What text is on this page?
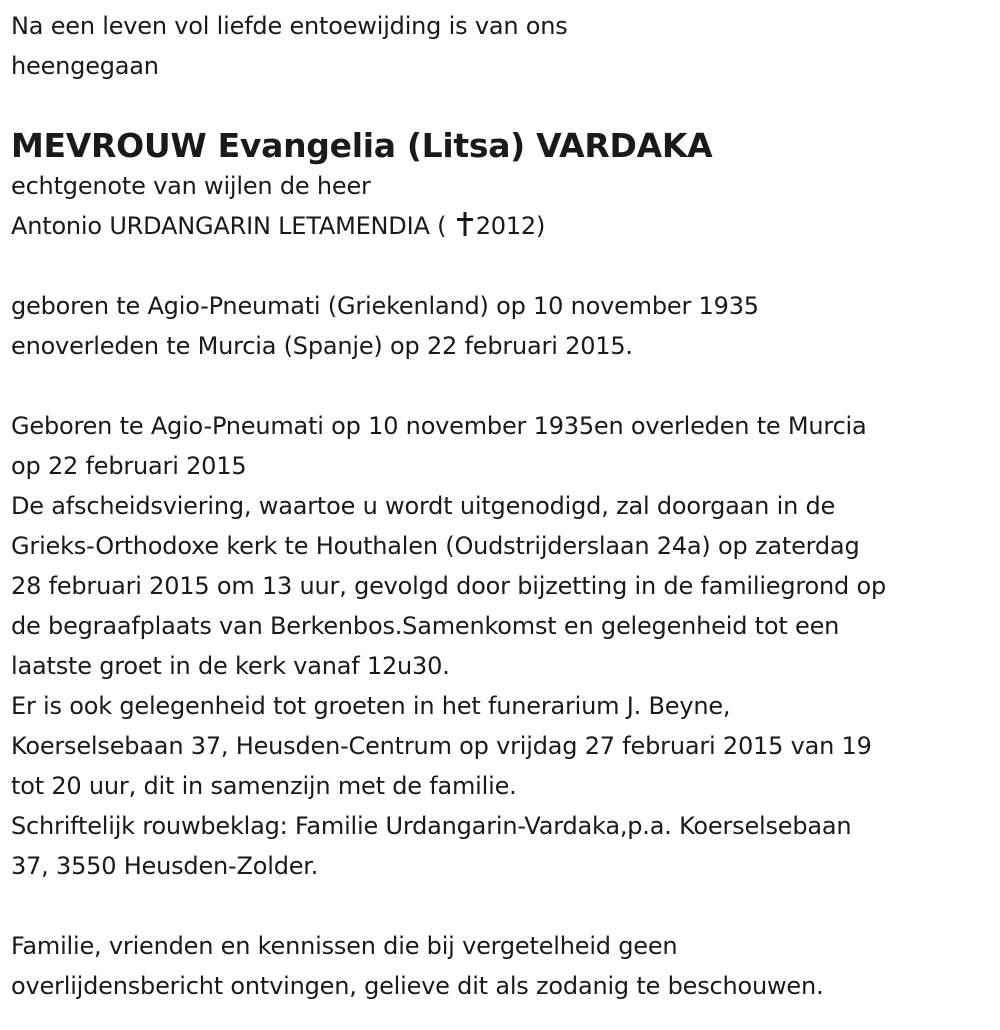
Na een leven vol liefde entoewijding is van ons
heengegaan
MEVROUW Evangelia (Litsa) VARDAKA
echtgenote van wijlen de heer
Antonio URDANGARIN LETAMENDIA (
2012)
geboren te Agio-Pneumati (Griekenland) op 10 november 1935
enoverleden te Murcia (Spanje) op 22 februari 2015.
Geboren te Agio-Pneumati op 10 november 1935en overleden te Murcia
op 22 februari 2015
De afscheidsviering, waartoe u wordt uitgenodigd, zal doorgaan in de
Grieks-Orthodoxe kerk te Houthalen (Oudstrijderslaan 24a) op zaterdag
28 februari 2015 om 13 uur, gevolgd door bijzetting in de familiegrond op
de begraafplaats van Berkenbos.Samenkomst en gelegenheid tot een
laatste groet in de kerk vanaf 12u30.
Er is ook gelegenheid tot groeten in het funerarium J. Beyne,
Koerselsebaan 37, Heusden-Centrum op vrijdag 27 februari 2015 van 19
tot 20 uur, dit in samenzijn met de familie.
Schriftelijk rouwbeklag: Familie Urdangarin-Vardaka,p.a. Koerselsebaan
37, 3550 Heusden-Zolder.
Familie, vrienden en kennissen die bij vergetelheid geen
overlijdensbericht ontvingen, gelieve dit als zodanig te beschouwen.
